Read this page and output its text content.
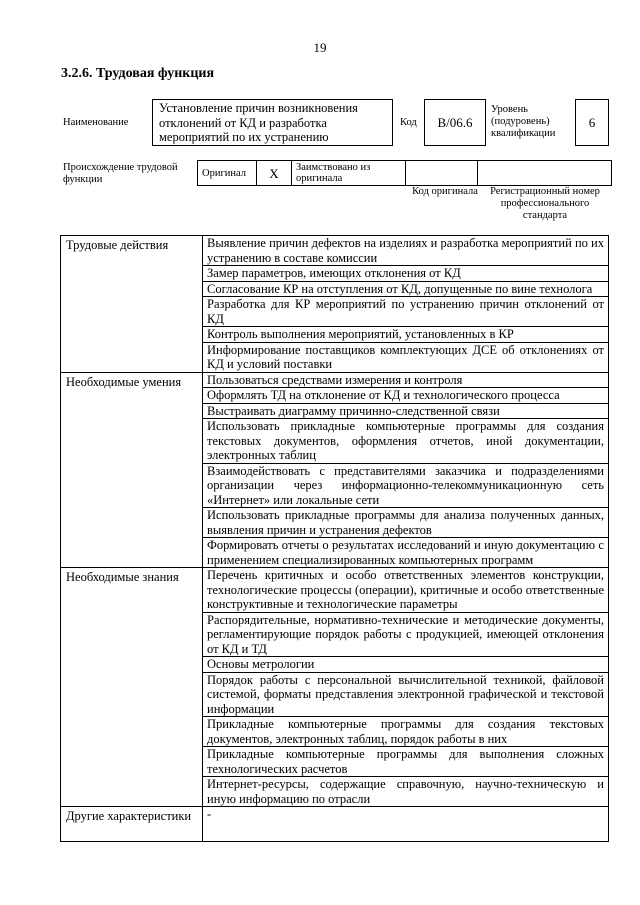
19
3.2.6. Трудовая функция
Наименование
Установление причин возникновения отклонений от КД и разработка мероприятий по их устранению
Код	B/06.6
Уровень (подуровень) квалификации
6
Происхождение трудовой функции
Оригинал	Х	Заимствовано из оригинала		
Код оригинала	Регистрационный номер профессионального стандарта
Трудовые действия	Выявление причин дефектов на изделиях и разработка мероприятий по их устранению в составе комиссии
	Замер параметров, имеющих отклонения от КД
	Согласование КР на отступления от КД, допущенные по вине технолога
	Разработка для КР мероприятий по устранению причин отклонений от КД
	Контроль выполнения мероприятий, установленных в КР
	Информирование поставщиков комплектующих ДСЕ об отклонениях от КД и условий поставки
Необходимые умения	Пользоваться средствами измерения и контроля
	Оформлять ТД на отклонение от КД и технологического процесса
	Выстраивать диаграмму причинно-следственной связи
	Использовать прикладные компьютерные программы для создания текстовых документов, оформления отчетов, иной документации, электронных таблиц
	Взаимодействовать с представителями заказчика и подразделениями организации через информационно-телекоммуникационную сеть «Интернет» или локальные сети
	Использовать прикладные программы для анализа полученных данных, выявления причин и устранения дефектов
	Формировать отчеты о результатах исследований и иную документацию с применением специализированных компьютерных программ
Необходимые знания	Перечень критичных и особо ответственных элементов конструкции, технологические процессы (операции), критичные и особо ответственные конструктивные и технологические параметры
	Распорядительные, нормативно-технические и методические документы, регламентирующие порядок работы с продукцией, имеющей отклонения от КД и ТД
	Основы метрологии
	Порядок работы с персональной вычислительной техникой, файловой системой, форматы представления электронной графической и текстовой информации
	Прикладные компьютерные программы для создания текстовых документов, электронных таблиц, порядок работы в них
	Прикладные компьютерные программы для выполнения сложных технологических расчетов
	Интернет-ресурсы, содержащие справочную, научно-техническую и иную информацию по отрасли
Другие характеристики	-
